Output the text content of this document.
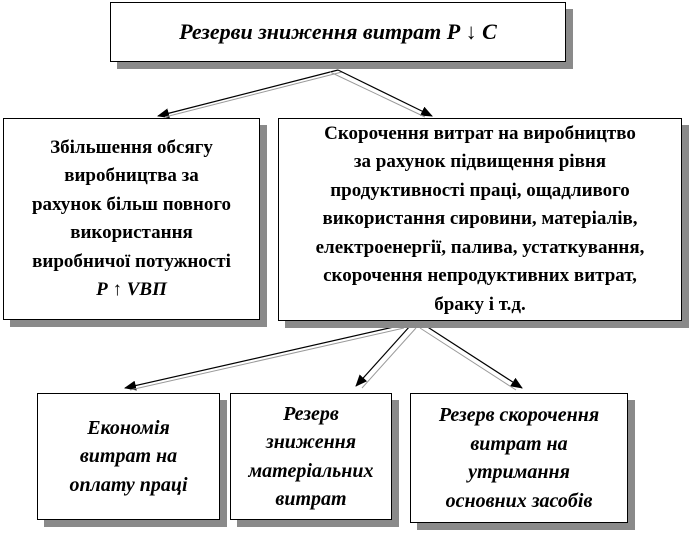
Резерви зниження витрат Р ↓ С
Збільшення обсягу
виробництва за
рахунок більш повного
використання
виробничої потужності
Р ↑ VВП
Скорочення витрат на виробництво
за рахунок підвищення рівня
продуктивності праці, ощадливого
використання сировини, матеріалів,
електроенергії, палива, устаткування,
скорочення непродуктивних витрат,
браку і т.д.
Економія
витрат на
оплату праці
Резерв
зниження
матеріальних
витрат
Резерв скорочення
витрат на
утримання
основних засобів
